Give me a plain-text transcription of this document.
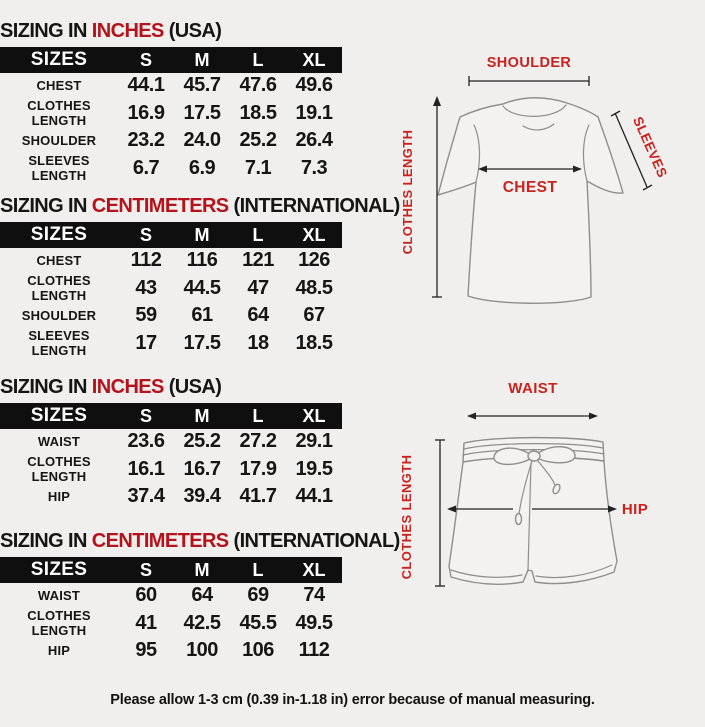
SIZING IN INCHES (USA)
SIZES	S	M	L	XL
CHEST	44.1	45.7	47.6	49.6
CLOTHES LENGTH	16.9	17.5	18.5	19.1
SHOULDER	23.2	24.0	25.2	26.4
SLEEVES LENGTH	6.7	6.9	7.1	7.3
SIZING IN CENTIMETERS (INTERNATIONAL)
SIZES	S	M	L	XL
CHEST	112	116	121	126
CLOTHES LENGTH	43	44.5	47	48.5
SHOULDER	59	61	64	67
SLEEVES LENGTH	17	17.5	18	18.5
SIZING IN INCHES (USA)
SIZES	S	M	L	XL
WAIST	23.6	25.2	27.2	29.1
CLOTHES LENGTH	16.1	16.7	17.9	19.5
HIP	37.4	39.4	41.7	44.1
SIZING IN CENTIMETERS (INTERNATIONAL)
SIZES	S	M	L	XL
WAIST	60	64	69	74
CLOTHES LENGTH	41	42.5	45.5	49.5
HIP	95	100	106	112
SHOULDER
CLOTHES LENGTH	CHEST
SLEEVES
WAIST
CLOTHES LENGTH	HIP
Please allow 1-3 cm (0.39 in-1.18 in) error because of manual measuring.
